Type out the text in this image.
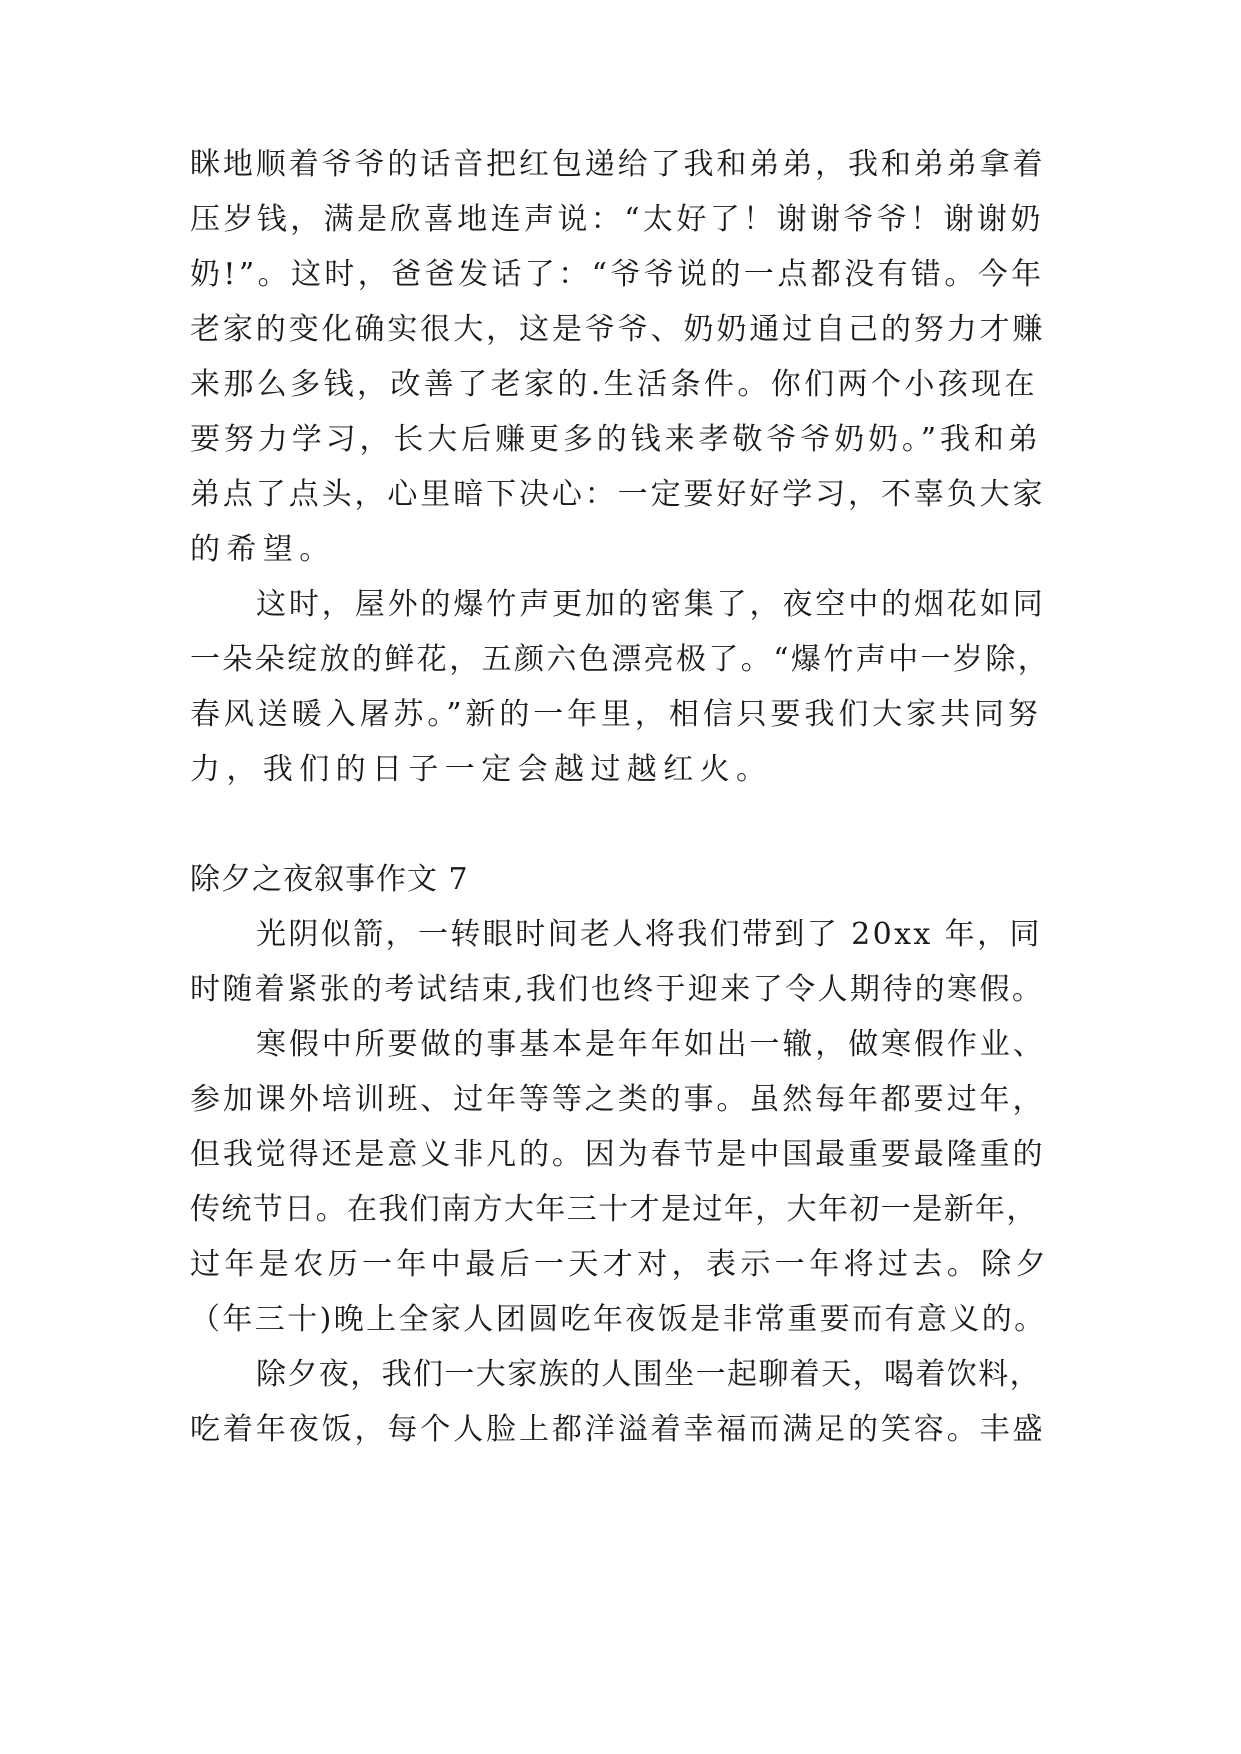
眯地顺着爷爷的话音把红包递给了我和弟弟，我和弟弟拿着
压岁钱，满是欣喜地连声说：“太好了！谢谢爷爷！谢谢奶
奶!”。这时，爸爸发话了：“爷爷说的一点都没有错。今年
老家的变化确实很大，这是爷爷、奶奶通过自己的努力才赚
来那么多钱，改善了老家的.生活条件。你们两个小孩现在
要努力学习，长大后赚更多的钱来孝敬爷爷奶奶。”我和弟
弟点了点头，心里暗下决心：一定要好好学习，不辜负大家
的希望。
这时，屋外的爆竹声更加的密集了，夜空中的烟花如同
一朵朵绽放的鲜花，五颜六色漂亮极了。“爆竹声中一岁除，
春风送暖入屠苏。”新的一年里，相信只要我们大家共同努
力，我们的日子一定会越过越红火。
除夕之夜叙事作文 7
光阴似箭，一转眼时间老人将我们带到了 20xx 年，同
时随着紧张的考试结束,我们也终于迎来了令人期待的寒假。
寒假中所要做的事基本是年年如出一辙，做寒假作业、
参加课外培训班、过年等等之类的事。虽然每年都要过年，
但我觉得还是意义非凡的。因为春节是中国最重要最隆重的
传统节日。在我们南方大年三十才是过年，大年初一是新年，
过年是农历一年中最后一天才对，表示一年将过去。除夕
（年三十)晚上全家人团圆吃年夜饭是非常重要而有意义的。
除夕夜，我们一大家族的人围坐一起聊着天，喝着饮料，
吃着年夜饭，每个人脸上都洋溢着幸福而满足的笑容。丰盛
